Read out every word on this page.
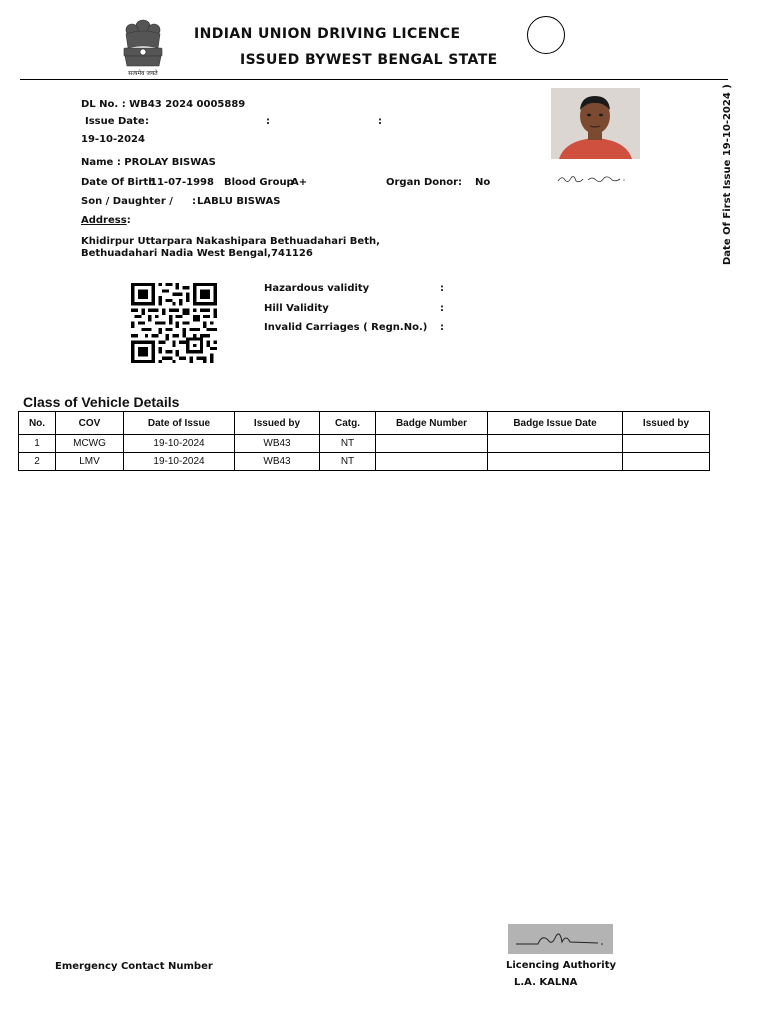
सत्यमेव जयते
INDIAN UNION DRIVING LICENCE
ISSUED BYWEST BENGAL STATE
Date Of First Issue 19-10-2024 )
DL No. : WB43 2024 0005889
Issue Date :	:	:
19-10-2024
Name : PROLAY BISWAS
Date Of Birth
11-07-1998 Blood Group
A+	Organ Donor : No
Son / Daughter / : LABLU BISWAS
Address:
Khidirpur Uttarpara Nakashipara Bethuadahari Beth,
Bethuadahari Nadia West Bengal,741126
Hazardous validity	:
Hill Validity	:
Invalid Carriages ( Regn.No.) :
Class of Vehicle Details
No.	COV	Date of Issue	Issued by	Catg.	Badge Number	Badge Issue Date	Issued by
1	MCWG	19-10-2024	WB43	NT			
2	LMV	19-10-2024	WB43	NT			
Emergency Contact Number	Licencing Authority
L.A. KALNA
